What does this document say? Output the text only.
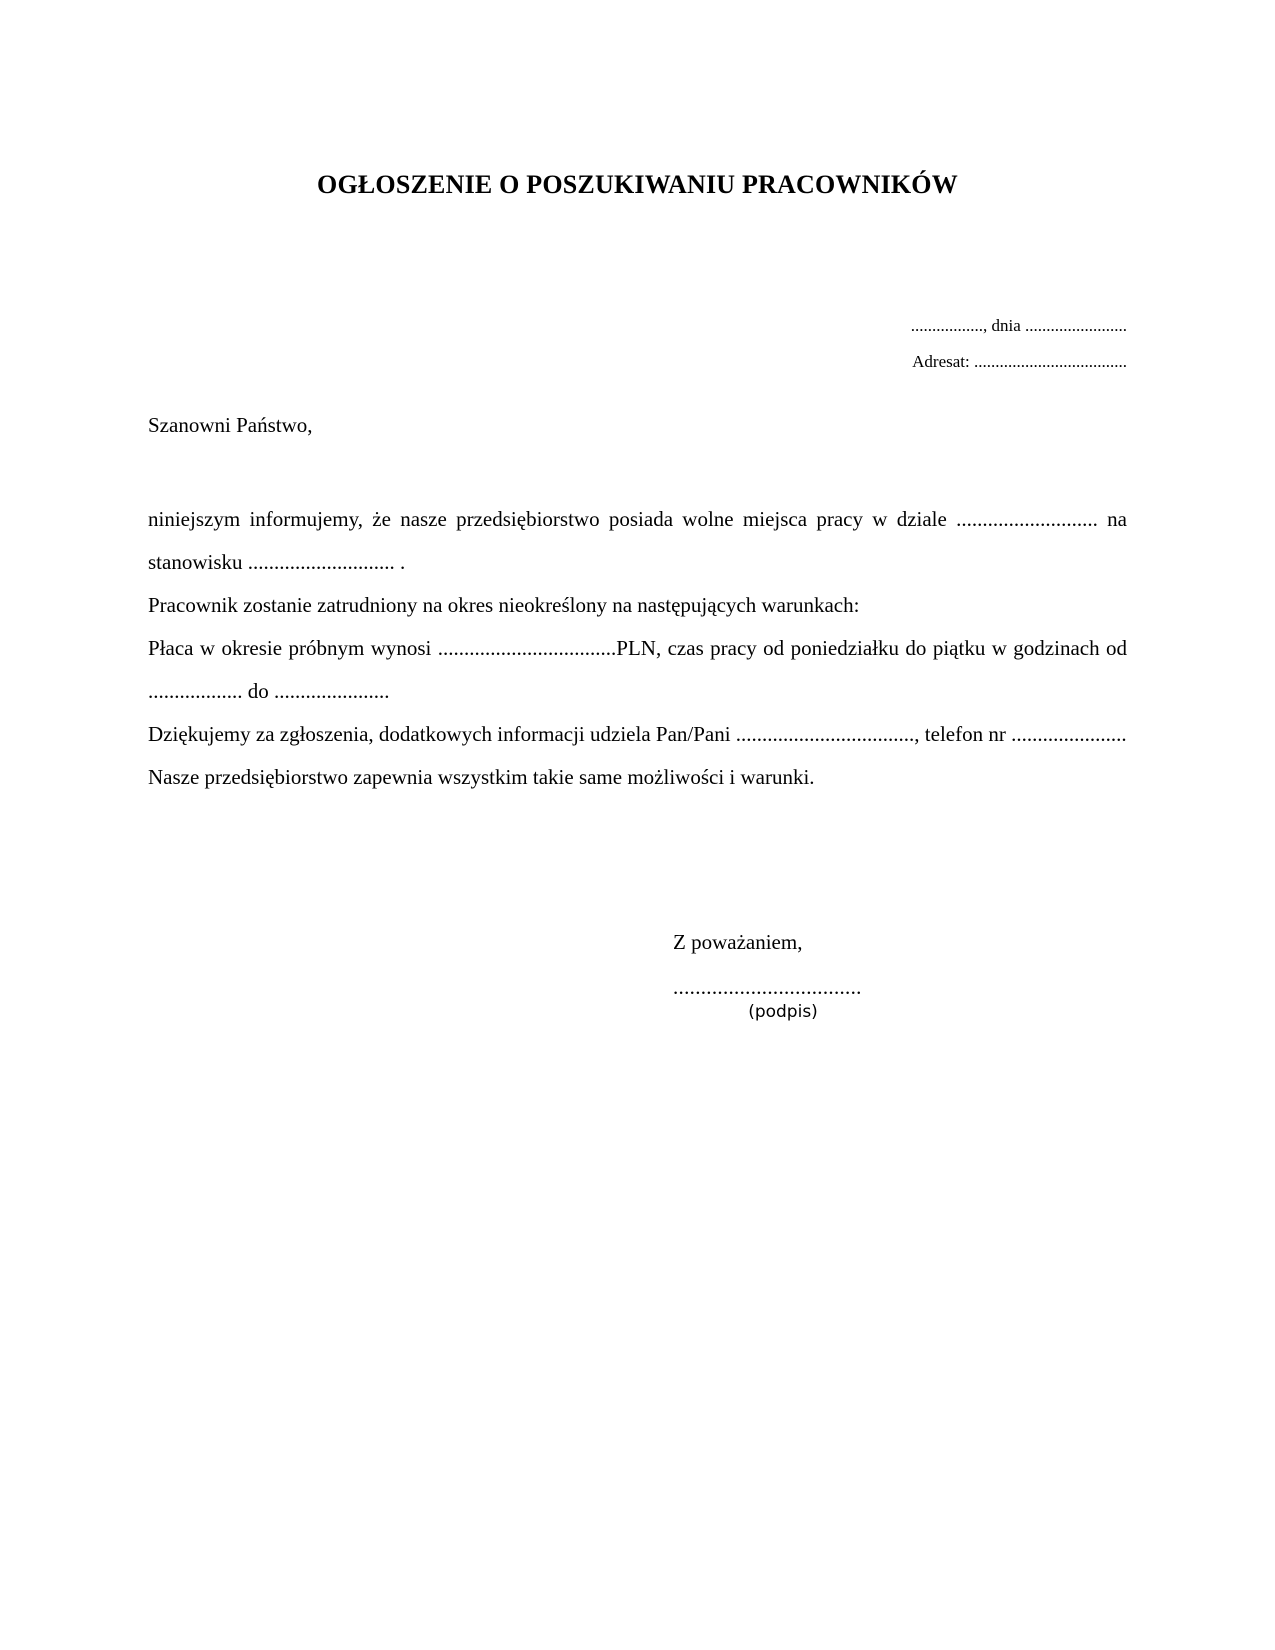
OGŁOSZENIE O POSZUKIWANIU PRACOWNIKÓW
................., dnia ........................
Adresat: ....................................
Szanowni Państwo,

niniejszym informujemy, że nasze przedsiębiorstwo posiada wolne miejsca pracy w dziale ........................... na stanowisku ............................ .

Pracownik zostanie zatrudniony na okres nieokreślony na następujących warunkach:

Płaca w okresie próbnym wynosi ..................................PLN, czas pracy od poniedziałku do piątku w godzinach od .................. do ......................

Dziękujemy za zgłoszenia, dodatkowych informacji udziela Pan/Pani .................................., telefon nr ......................

Nasze przedsiębiorstwo zapewnia wszystkim takie same możliwości i warunki.

Z poważaniem,
..................................
(podpis)
